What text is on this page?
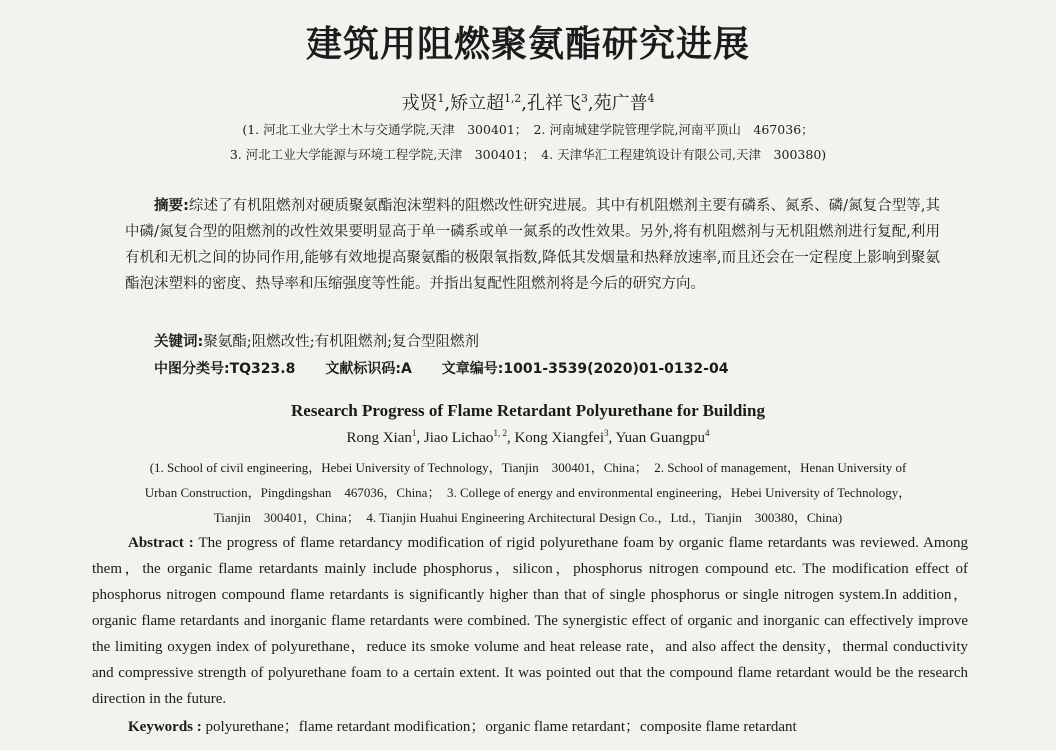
建筑用阻燃聚氨酯研究进展
戎贤$^1$,矫立超$^{1,2}$,孔祥飞$^3$,苑广普$^4$
(1. 河北工业大学土木与交通学院,天津　300401；　2. 河南城建学院管理学院,河南平顶山　467036；
3. 河北工业大学能源与环境工程学院,天津　300401；　4. 天津华汇工程建筑设计有限公司,天津　300380)
摘要:综述了有机阻燃剂对硬质聚氨酯泡沫塑料的阻燃改性研究进展。其中有机阻燃剂主要有磷系、氮系、磷/氮复合型等,其中磷/氮复合型的阻燃剂的改性效果要明显高于单一磷系或单一氮系的改性效果。另外,将有机阻燃剂与无机阻燃剂进行复配,利用有机和无机之间的协同作用,能够有效地提高聚氨酯的极限氧指数,降低其发烟量和热释放速率,而且还会在一定程度上影响到聚氨酯泡沫塑料的密度、热导率和压缩强度等性能。并指出复配性阻燃剂将是今后的研究方向。
关键词:聚氨酯;阻燃改性;有机阻燃剂;复合型阻燃剂
中图分类号:TQ323.8 文献标识码:A 文章编号:1001-3539(2020)01-0132-04
Research Progress of Flame Retardant Polyurethane for Building
Rong Xian$^1$, Jiao Lichao$^{1, 2}$, Kong Xiangfei$^3$, Yuan Guangpu$^4$
(1. School of civil engineering，Hebei University of Technology，Tianjin　300401，China；　2. School of management，Henan University of
Urban Construction，Pingdingshan　467036，China；　3. College of energy and environmental engineering，Hebei University of Technology，
Tianjin　300401，China；　4. Tianjin Huahui Engineering Architectural Design Co.，Ltd.，Tianjin　300380，China)
Abstract : The progress of flame retardancy modification of rigid polyurethane foam by organic flame retardants was reviewed. Among them，the organic flame retardants mainly include phosphorus，silicon，phosphorus nitrogen compound etc. The modification effect of phosphorus nitrogen compound flame retardants is significantly higher than that of single phosphorus or single nitrogen system.In addition，organic flame retardants and inorganic flame retardants were combined. The synergistic effect of organic and inorganic can effectively improve the limiting oxygen index of polyurethane，reduce its smoke volume and heat release rate，and also affect the density，thermal conductivity and compressive strength of polyurethane foam to a certain extent. It was pointed out that the compound flame retardant would be the research direction in the future.
Keywords : polyurethane；flame retardant modification；organic flame retardant；composite flame retardant
